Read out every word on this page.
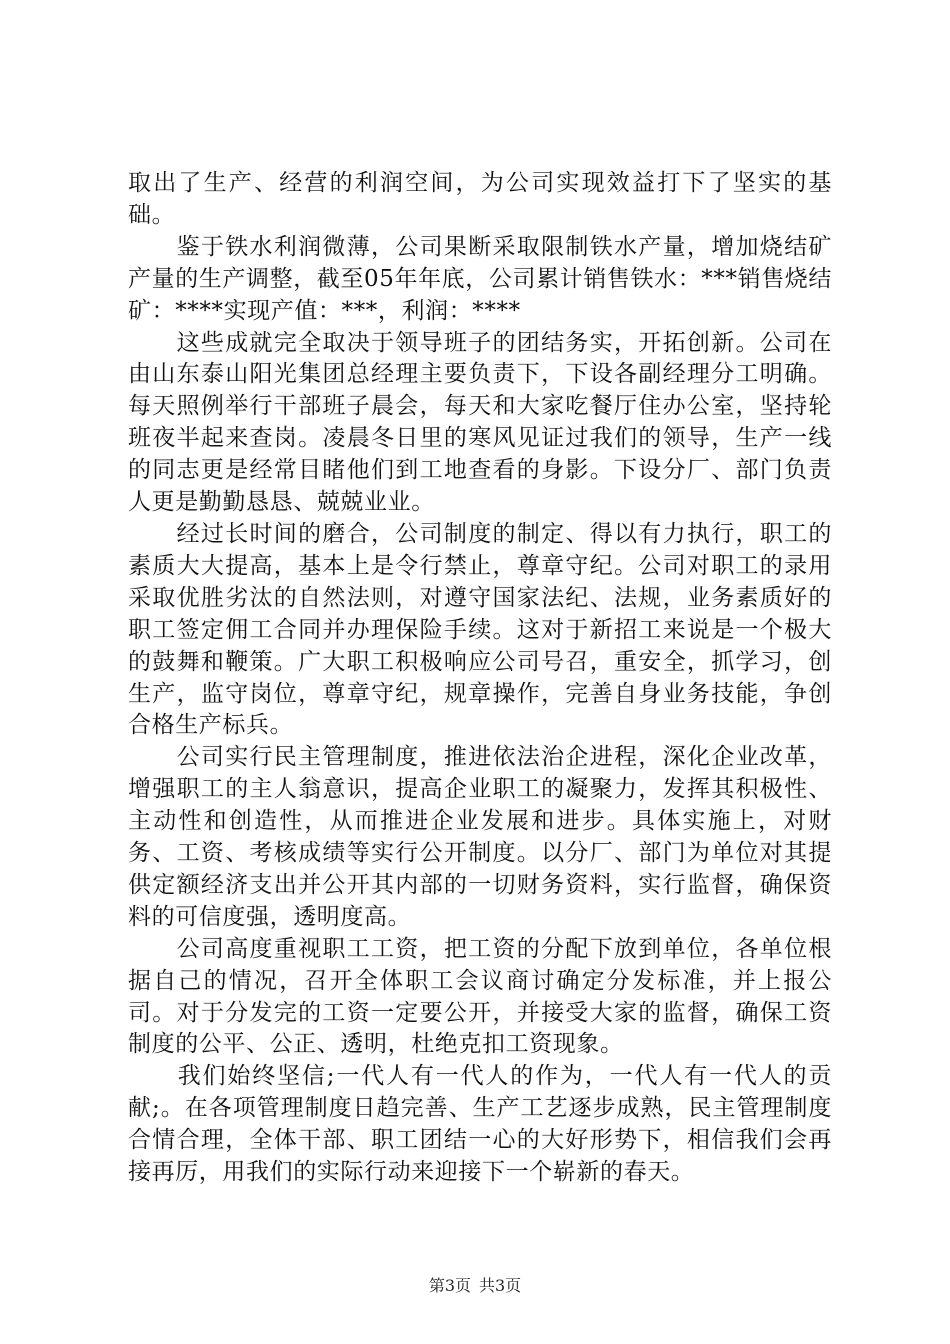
取出了生产、经营的利润空间，为公司实现效益打下了坚实的基础。

　　鉴于铁水利润微薄，公司果断采取限制铁水产量，增加烧结矿产量的生产调整，截至05年年底，公司累计销售铁水：***销售烧结矿：****实现产值：***，利润：****

　　这些成就完全取决于领导班子的团结务实，开拓创新。公司在由山东泰山阳光集团总经理主要负责下，下设各副经理分工明确。每天照例举行干部班子晨会，每天和大家吃餐厅住办公室，坚持轮班夜半起来查岗。凌晨冬日里的寒风见证过我们的领导，生产一线的同志更是经常目睹他们到工地查看的身影。下设分厂、部门负责人更是勤勤恳恳、兢兢业业。

　　经过长时间的磨合，公司制度的制定、得以有力执行，职工的素质大大提高，基本上是令行禁止，尊章守纪。公司对职工的录用采取优胜劣汰的自然法则，对遵守国家法纪、法规，业务素质好的职工签定佣工合同并办理保险手续。这对于新招工来说是一个极大的鼓舞和鞭策。广大职工积极响应公司号召，重安全，抓学习，创生产，监守岗位，尊章守纪，规章操作，完善自身业务技能，争创合格生产标兵。

　　公司实行民主管理制度，推进依法治企进程，深化企业改革，增强职工的主人翁意识，提高企业职工的凝聚力，发挥其积极性、主动性和创造性，从而推进企业发展和进步。具体实施上，对财务、工资、考核成绩等实行公开制度。以分厂、部门为单位对其提供定额经济支出并公开其内部的一切财务资料，实行监督，确保资料的可信度强，透明度高。

　　公司高度重视职工工资，把工资的分配下放到单位，各单位根据自己的情况，召开全体职工会议商讨确定分发标准，并上报公司。对于分发完的工资一定要公开，并接受大家的监督，确保工资制度的公平、公正、透明，杜绝克扣工资现象。

　　我们始终坚信;一代人有一代人的作为，一代人有一代人的贡献;。在各项管理制度日趋完善、生产工艺逐步成熟，民主管理制度合情合理，全体干部、职工团结一心的大好形势下，相信我们会再接再厉，用我们的实际行动来迎接下一个崭新的春天。

第3页 共3页
